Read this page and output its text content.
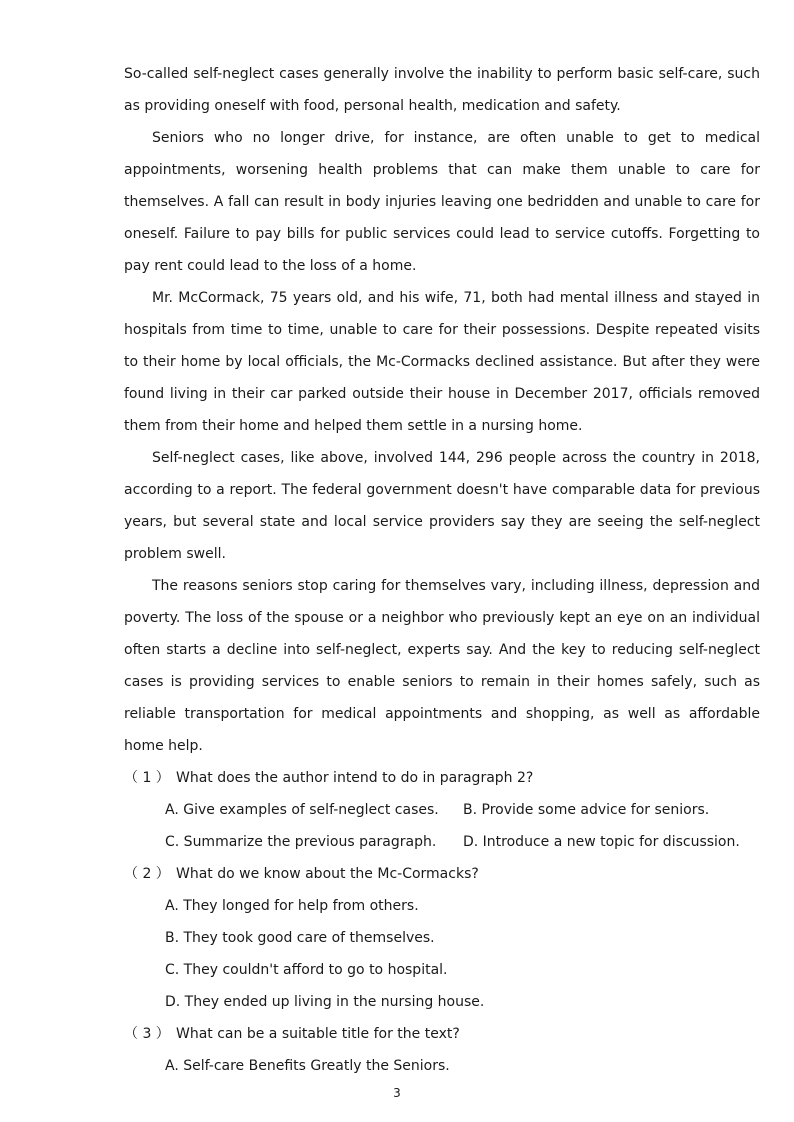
So-called self-neglect cases generally involve the inability to perform basic self-care, such as providing oneself with food, personal health, medication and safety.

Seniors who no longer drive, for instance, are often unable to get to medical appointments, worsening health problems that can make them unable to care for themselves. A fall can result in body injuries leaving one bedridden and unable to care for oneself. Failure to pay bills for public services could lead to service cutoffs. Forgetting to pay rent could lead to the loss of a home.

Mr. McCormack, 75 years old, and his wife, 71, both had mental illness and stayed in hospitals from time to time, unable to care for their possessions. Despite repeated visits to their home by local officials, the Mc-Cormacks declined assistance. But after they were found living in their car parked outside their house in December 2017, officials removed them from their home and helped them settle in a nursing home.

Self-neglect cases, like above, involved 144, 296 people across the country in 2018, according to a report. The federal government doesn't have comparable data for previous years, but several state and local service providers say they are seeing the self-neglect problem swell.

The reasons seniors stop caring for themselves vary, including illness, depression and poverty. The loss of the spouse or a neighbor who previously kept an eye on an individual often starts a decline into self-neglect, experts say. And the key to reducing self-neglect cases is providing services to enable seniors to remain in their homes safely, such as reliable transportation for medical appointments and shopping, as well as affordable home help.

（ 1 ） What does the author intend to do in paragraph 2?

A. Give examples of self-neglect cases. B. Provide some advice for seniors.

C. Summarize the previous paragraph. D. Introduce a new topic for discussion.

（ 2 ） What do we know about the Mc-Cormacks?

A. They longed for help from others.

B. They took good care of themselves.

C. They couldn't afford to go to hospital.

D. They ended up living in the nursing house.

（ 3 ） What can be a suitable title for the text?

A. Self-care Benefits Greatly the Seniors.

3
